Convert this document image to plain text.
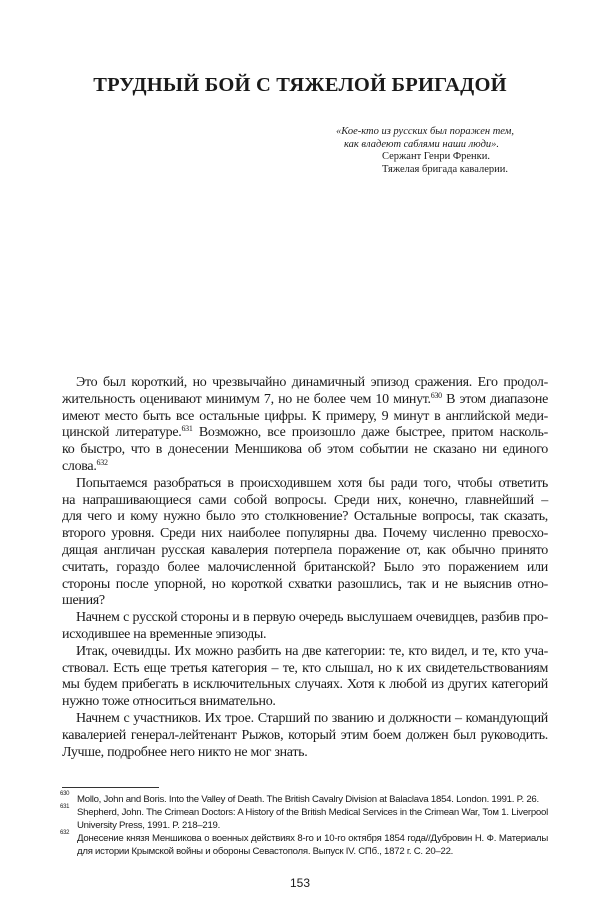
ТРУДНЫЙ БОЙ С ТЯЖЕЛОЙ БРИГАДОЙ
«Кое-кто из русских был поражен тем,
как владеют саблями наши люди».
Сержант Генри Френки.
Тяжелая бригада кавалерии.
Это был короткий, но чрезвычайно динамичный эпизод сражения. Его продол-
жительность оценивают минимум 7, но не более чем 10 минут.$^{630}$ В этом диапазоне
имеют место быть все остальные цифры. К примеру, 9 минут в английской меди-
цинской литературе.$^{631}$ Возможно, все произошло даже быстрее, притом насколь-
ко быстро, что в донесении Меншикова об этом событии не сказано ни единого
слова.$^{632}$
Попытаемся разобраться в происходившем хотя бы ради того, чтобы ответить
на напрашивающиеся сами собой вопросы. Среди них, конечно, главнейший –
для чего и кому нужно было это столкновение? Остальные вопросы, так сказать,
второго уровня. Среди них наиболее популярны два. Почему численно превосхо-
дящая англичан русская кавалерия потерпела поражение от, как обычно принято
считать, гораздо более малочисленной британской? Было это поражением или
стороны после упорной, но короткой схватки разошлись, так и не выяснив отно-
шения?
Начнем с русской стороны и в первую очередь выслушаем очевидцев, разбив про-
исходившее на временные эпизоды.
Итак, очевидцы. Их можно разбить на две категории: те, кто видел, и те, кто уча-
ствовал. Есть еще третья категория – те, кто слышал, но к их свидетельствованиям
мы будем прибегать в исключительных случаях. Хотя к любой из других категорий
нужно тоже относиться внимательно.
Начнем с участников. Их трое. Старший по званию и должности – командующий
кавалерией генерал-лейтенант Рыжов, который этим боем должен был руководить.
Лучше, подробнее него никто не мог знать.
630 Mollo, John and Boris. Into the Valley of Death. The British Cavalry Division at Balaclava 1854. London. 1991. P. 26.
631 Shepherd, John. The Crimean Doctors: A History of the British Medical Services in the Crimean War, Том 1. Liverpool University Press, 1991. P. 218–219.
632 Донесение князя Меншикова о военных действиях 8-го и 10-го октября 1854 года//Дубровин Н. Ф. Материалы для истории Крымской войны и обороны Севастополя. Выпуск IV. СПб., 1872 г. С. 20–22.
153
